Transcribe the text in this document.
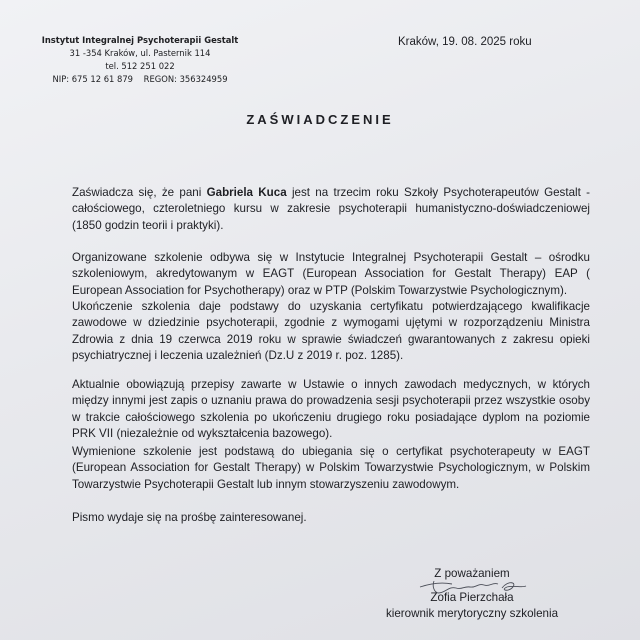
Instytut Integralnej Psychoterapii Gestalt
31 -354 Kraków, ul. Pasternik 114
tel. 512 251 022
NIP: 675 12 61 879    REGON: 356324959
Kraków, 19. 08. 2025 roku
ZAŚWIADCZENIE
Zaświadcza się, że pani Gabriela Kuca jest na trzecim roku Szkoły Psychoterapeutów Gestalt - całościowego, czteroletniego kursu w zakresie psychoterapii humanistyczno-doświadczeniowej (1850 godzin teorii i praktyki).
Organizowane szkolenie odbywa się w Instytucie Integralnej Psychoterapii Gestalt – ośrodku szkoleniowym, akredytowanym w EAGT (European Association for Gestalt Therapy) EAP ( European Association for Psychotherapy) oraz w PTP (Polskim Towarzystwie Psychologicznym).
Ukończenie szkolenia daje podstawy do uzyskania certyfikatu potwierdzającego kwalifikacje zawodowe w dziedzinie psychoterapii, zgodnie z wymogami ujętymi w rozporządzeniu Ministra Zdrowia z dnia 19 czerwca 2019 roku w sprawie świadczeń gwarantowanych z zakresu opieki psychiatrycznej i leczenia uzależnień (Dz.U z 2019 r. poz. 1285).
Aktualnie obowiązują przepisy zawarte w Ustawie o innych zawodach medycznych, w których między innymi jest zapis o uznaniu prawa do prowadzenia sesji psychoterapii przez wszystkie osoby w trakcie całościowego szkolenia po ukończeniu drugiego roku posiadające dyplom na poziomie PRK VII (niezależnie od wykształcenia bazowego).
Wymienione szkolenie jest podstawą do ubiegania się o certyfikat psychoterapeuty w EAGT (European Association for Gestalt Therapy) w Polskim Towarzystwie Psychologicznym, w Polskim Towarzystwie Psychoterapii Gestalt lub innym stowarzyszeniu zawodowym.
Pismo wydaje się na prośbę zainteresowanej.
Z poważaniem
Zofia Pierzchała
kierownik merytoryczny szkolenia
